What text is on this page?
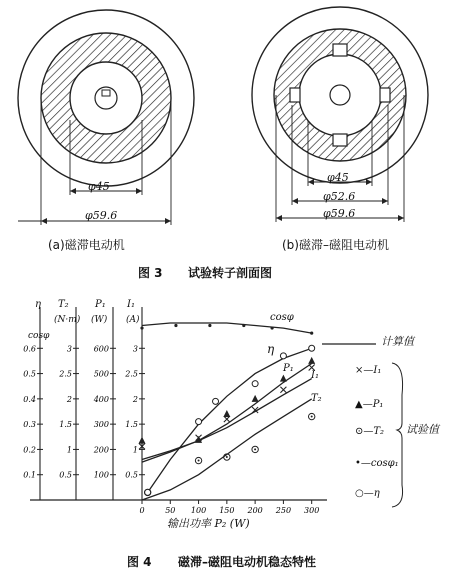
φ45
φ59.6
φ45
φ52.6
φ59.6
(a)磁滞电动机	(b)磁滞–磁阻电动机
图 3 试验转子剖面图
0	50 100 150 200 250 300
0.1
0.2
0.3
0.4
0.5
0.6
0.5
1
1.5
2
2.5
3
100
200
300
400
500
600
0.5
1
1.5
2
2.5
3
η
cosφ
T₂
(N·m)
P₁
(W)
I₁
(A)	cosφ
η
P₁
I₁
T₂
计算值
试验值
×—I₁
▲—P₁
⊙—T₂
•—cosφ₁
○—η
输出功率 P₂ (W)
图 4 磁滞–磁阻电动机稳态特性
